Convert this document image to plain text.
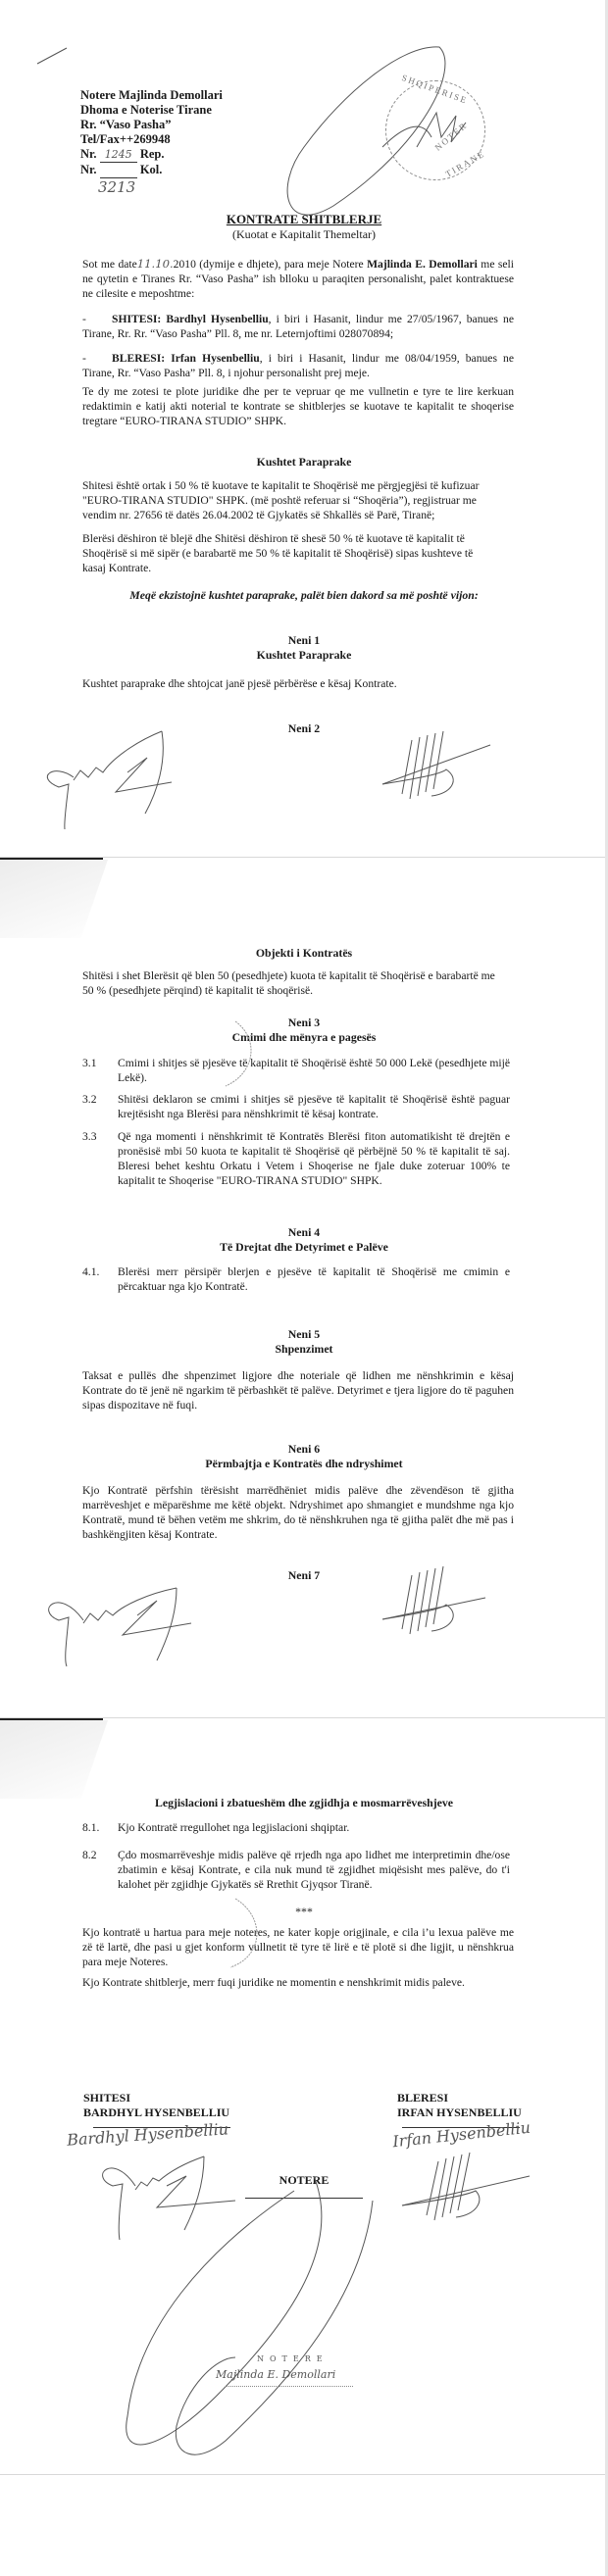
Notere Majlinda Demollari
Dhoma e Noterise Tirane
Rr. “Vaso Pasha”
Tel/Fax++269948
Nr. 1245 Rep.
Nr.	Kol.
3213
SHQIPERISE
NOTER
TIRANE
KONTRATE SHITBLERJE
(Kuotat e Kapitalit Themeltar)
Sot me date11.10.2010 (dymije e dhjete), para meje Notere Majlinda E. Demollari me seli ne qytetin e Tiranes Rr. “Vaso Pasha” ish blloku u paraqiten personalisht, palet kontraktuese ne cilesite e meposhtme:
- SHITESI: Bardhyl Hysenbelliu, i biri i Hasanit, lindur me 27/05/1967, banues ne Tirane, Rr. Rr. “Vaso Pasha” Pll. 8, me nr. Leternjoftimi 028070894;
- BLERESI: Irfan Hysenbelliu, i biri i Hasanit, lindur me 08/04/1959, banues ne Tirane, Rr. “Vaso Pasha” Pll. 8, i njohur personalisht prej meje.
Te dy me zotesi te plote juridike dhe per te vepruar qe me vullnetin e tyre te lire kerkuan redaktimin e katij akti noterial te kontrate se shitblerjes se kuotave te kapitalit te shoqerise tregtare “EURO-TIRANA STUDIO” SHPK.
Kushtet Paraprake
Shitesi është ortak i 50 % të kuotave te kapitalit te Shoqërisë me përgjegjësi të kufizuar "EURO-TIRANA STUDIO" SHPK. (më poshtë referuar si “Shoqëria”), regjistruar me vendim nr. 27656 të datës 26.04.2002 të Gjykatës së Shkallës së Parë, Tiranë;
Blerësi dëshiron të blejë dhe Shitësi dëshiron të shesë 50 % të kuotave të kapitalit të Shoqërisë si më sipër (e barabartë me 50 % të kapitalit të Shoqërisë) sipas kushteve të kasaj Kontrate.
Meqë ekzistojnë kushtet paraprake, palët bien dakord sa më poshtë vijon:
Neni 1
Kushtet Paraprake
Kushtet paraprake dhe shtojcat janë pjesë përbërëse e kësaj Kontrate.
Neni 2
Objekti i Kontratës
Shitësi i shet Blerësit që blen 50 (pesedhjete) kuota të kapitalit të Shoqërisë e barabartë me 50 % (pesedhjete përqind) të kapitalit të shoqërisë.
Neni 3
Cmimi dhe mënyra e pagesës
3.1 Cmimi i shitjes së pjesëve të kapitalit të Shoqërisë është 50 000 Lekë (pesedhjete mijë Lekë).
3.2 Shitësi deklaron se cmimi i shitjes së pjesëve të kapitalit të Shoqërisë është paguar krejtësisht nga Blerësi para nënshkrimit të kësaj kontrate.
3.3 Që nga momenti i nënshkrimit të Kontratës Blerësi fiton automatikisht të drejtën e pronësisë mbi 50 kuota te kapitalit të Shoqërisë që përbëjnë 50 % të kapitalit të saj. Bleresi behet keshtu Orkatu i Vetem i Shoqerise ne fjale duke zoteruar 100% te kapitalit te Shoqerise "EURO-TIRANA STUDIO" SHPK.
Neni 4
Të Drejtat dhe Detyrimet e Palëve
4.1. Blerësi merr përsipër blerjen e pjesëve të kapitalit të Shoqërisë me cmimin e përcaktuar nga kjo Kontratë.
Neni 5
Shpenzimet
Taksat e pullës dhe shpenzimet ligjore dhe noteriale që lidhen me nënshkrimin e kësaj Kontrate do të jenë në ngarkim të përbashkët të palëve. Detyrimet e tjera ligjore do të paguhen sipas dispozitave në fuqi.
Neni 6
Përmbajtja e Kontratës dhe ndryshimet
Kjo Kontratë përfshin tërësisht marrëdhëniet midis palëve dhe zëvendëson të gjitha marrëveshjet e mëparëshme me këtë objekt. Ndryshimet apo shmangiet e mundshme nga kjo Kontratë, mund të bëhen vetëm me shkrim, do të nënshkruhen nga të gjitha palët dhe më pas i bashkëngjiten kësaj Kontrate.
Neni 7
Legjislacioni i zbatueshëm dhe zgjidhja e mosmarrëveshjeve
8.1. Kjo Kontratë rregullohet nga legjislacioni shqiptar.
8.2 Çdo mosmarrëveshje midis palëve që rrjedh nga apo lidhet me interpretimin dhe/ose zbatimin e kësaj Kontrate, e cila nuk mund të zgjidhet miqësisht mes palëve, do t'i kalohet për zgjidhje Gjykatës së Rrethit Gjyqsor Tiranë.
***
Kjo kontratë u hartua para meje noteres, ne kater kopje origjinale, e cila i’u lexua palëve me zë të lartë, dhe pasi u gjet konform vullnetit të tyre të lirë e të plotë si dhe ligjit, u nënshkrua para meje Noteres.
Kjo Kontrate shitblerje, merr fuqi juridike ne momentin e nenshkrimit midis paleve.
SHITESI
BARDHYL HYSENBELLIU
Bardhyl Hysenbelliu
BLERESI
IRFAN HYSENBELLIU
Irfan Hysenbelliu
NOTERE
NOTERE
Majlinda E. Demollari
